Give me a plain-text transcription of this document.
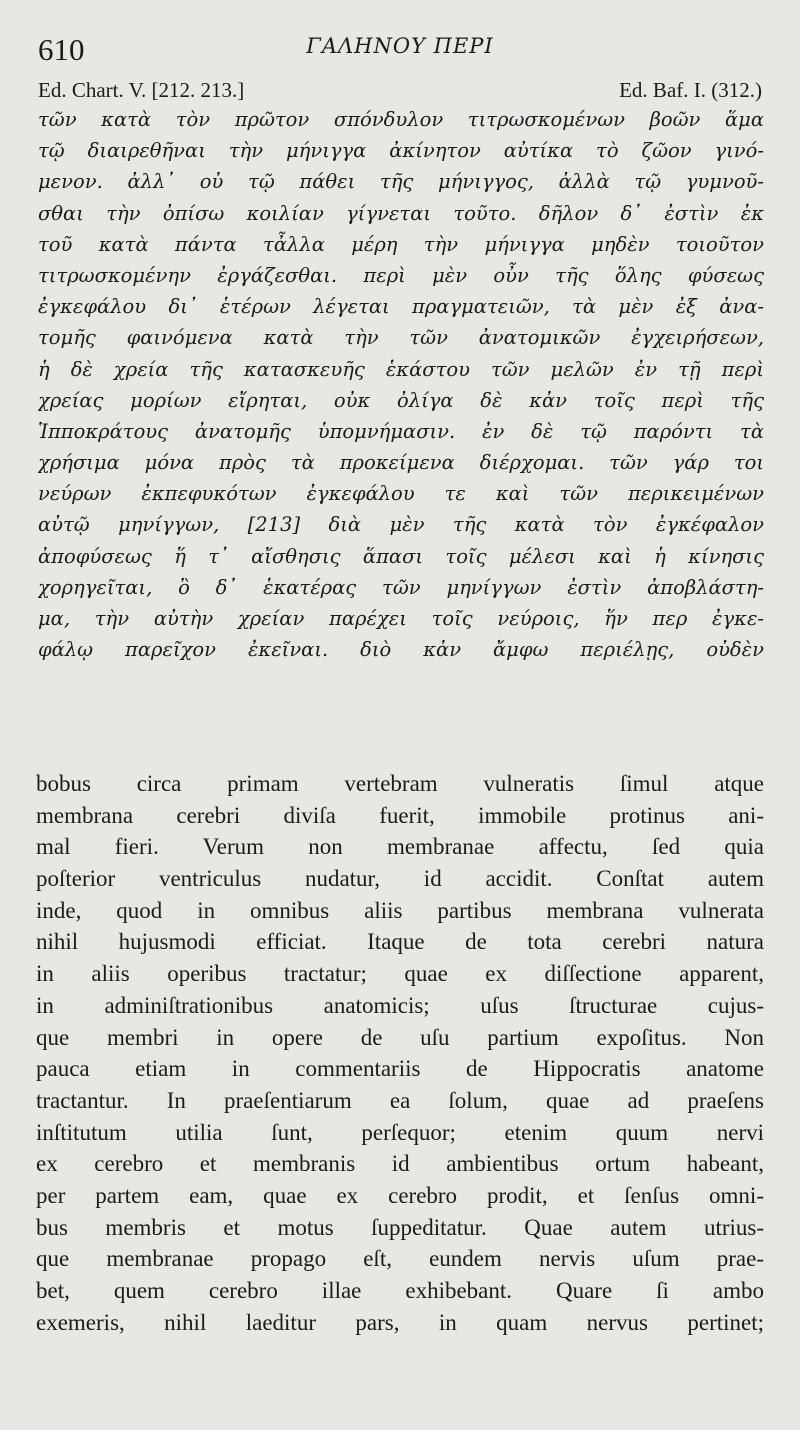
610	ΓΑΛΗΝΟΥ ΠΕΡΙ
Ed. Chart. V. [212. 213.]	Ed. Baf. I. (312.)
τῶν κατὰ τὸν πρῶτον σπόνδυλον τιτρωσκομένων βοῶν ἅμα
τῷ διαιρεθῆναι τὴν μήνιγγα ἀκίνητον αὐτίκα τὸ ζῶον γινό-
μενον. ἀλλ᾽ οὐ τῷ πάθει τῆς μήνιγγος, ἀλλὰ τῷ γυμνοῦ-
σθαι τὴν ὀπίσω κοιλίαν γίγνεται τοῦτο. δῆλον δ᾽ ἐστὶν ἐκ
τοῦ κατὰ πάντα τἆλλα μέρη τὴν μήνιγγα μηδὲν τοιοῦτον
τιτρωσκομένην ἐργάζεσθαι. περὶ μὲν οὖν τῆς ὅλης φύσεως
ἐγκεφάλου δι᾽ ἑτέρων λέγεται πραγματειῶν, τὰ μὲν ἐξ ἀνα-
τομῆς φαινόμενα κατὰ τὴν τῶν ἀνατομικῶν ἐγχειρήσεων,
ἡ δὲ χρεία τῆς κατασκευῆς ἑκάστου τῶν μελῶν ἐν τῇ περὶ
χρείας μορίων εἴρηται, οὐκ ὀλίγα δὲ κἀν τοῖς περὶ τῆς
Ἱπποκράτους ἀνατομῆς ὑπομνήμασιν. ἐν δὲ τῷ παρόντι τὰ
χρήσιμα μόνα πρὸς τὰ προκείμενα διέρχομαι. τῶν γάρ τοι
νεύρων ἐκπεφυκότων ἐγκεφάλου τε καὶ τῶν περικειμένων
αὐτῷ μηνίγγων, [213] διὰ μὲν τῆς κατὰ τὸν ἐγκέφαλον
ἀποφύσεως ἥ τ᾽ αἴσθησις ἅπασι τοῖς μέλεσι καὶ ἡ κίνησις
χορηγεῖται, ὃ δ᾽ ἑκατέρας τῶν μηνίγγων ἐστὶν ἀποβλάστη-
μα, τὴν αὐτὴν χρείαν παρέχει τοῖς νεύροις, ἥν περ ἐγκε-
φάλῳ παρεῖχον ἐκεῖναι. διὸ κἀν ἄμφω περιέλῃς, οὐδὲν
bobus circa primam vertebram vulneratis ſimul atque
membrana cerebri diviſa fuerit, immobile protinus ani-
mal fieri. Verum non membranae affectu, ſed quia
poſterior ventriculus nudatur, id accidit. Conſtat autem
inde, quod in omnibus aliis partibus membrana vulnerata
nihil hujusmodi efficiat. Itaque de tota cerebri natura
in aliis operibus tractatur; quae ex diſſectione apparent,
in adminiſtrationibus anatomicis; uſus ſtructurae cujus-
que membri in opere de uſu partium expoſitus. Non
pauca etiam in commentariis de Hippocratis anatome
tractantur. In praeſentiarum ea ſolum, quae ad praeſens
inſtitutum utilia ſunt, perſequor; etenim quum nervi
ex cerebro et membranis id ambientibus ortum habeant,
per partem eam, quae ex cerebro prodit, et ſenſus omni-
bus membris et motus ſuppeditatur. Quae autem utrius-
que membranae propago eſt, eundem nervis uſum prae-
bet, quem cerebro illae exhibebant. Quare ſi ambo
exemeris, nihil laeditur pars, in quam nervus pertinet;
